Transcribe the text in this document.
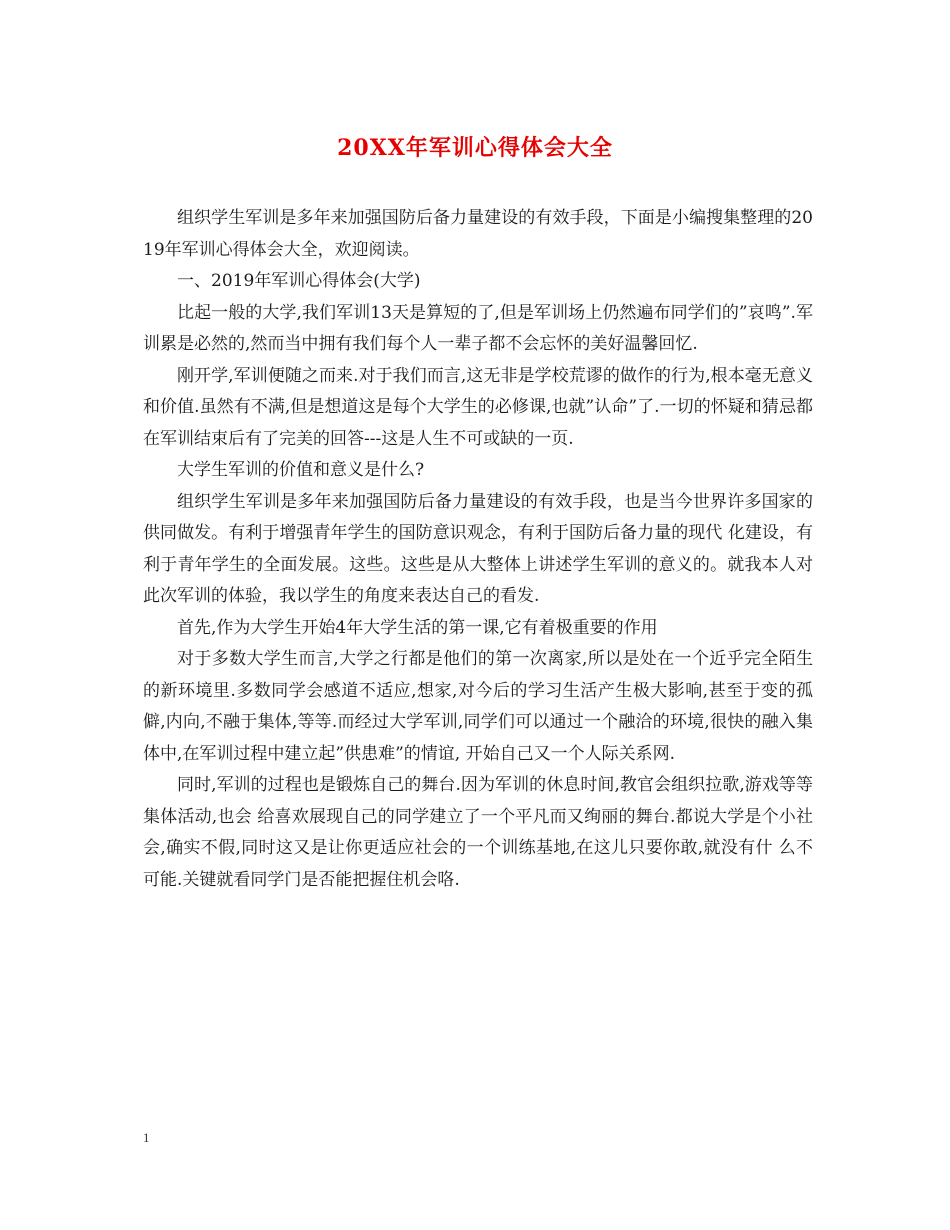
20XX年军训心得体会大全

组织学生军训是多年来加强国防后备力量建设的有效手段，下面是小编搜集整理的2019年军训心得体会大全，欢迎阅读。

一、2019年军训心得体会(大学)

比起一般的大学,我们军训13天是算短的了,但是军训场上仍然遍布同学们的”哀鸣”.军训累是必然的,然而当中拥有我们每个人一辈子都不会忘怀的美好温馨回忆.

刚开学,军训便随之而来.对于我们而言,这无非是学校荒谬的做作的行为,根本毫无意义和价值.虽然有不满,但是想道这是每个大学生的必修课,也就”认命”了.一切的怀疑和猜忌都在军训结束后有了完美的回答---这是人生不可或缺的一页.

大学生军训的价值和意义是什么?

组织学生军训是多年来加强国防后备力量建设的有效手段，也是当今世界许多国家的供同做发。有利于增强青年学生的国防意识观念，有利于国防后备力量的现代 化建设，有利于青年学生的全面发展。这些。这些是从大整体上讲述学生军训的意义的。就我本人对此次军训的体验，我以学生的角度来表达自己的看发.

首先,作为大学生开始4年大学生活的第一课,它有着极重要的作用

对于多数大学生而言,大学之行都是他们的第一次离家,所以是处在一个近乎完全陌生的新环境里.多数同学会感道不适应,想家,对今后的学习生活产生极大影响,甚至于变的孤僻,内向,不融于集体,等等.而经过大学军训,同学们可以通过一个融洽的环境,很快的融入集体中,在军训过程中建立起”供患难”的情谊, 开始自己又一个人际关系网.

同时,军训的过程也是锻炼自己的舞台.因为军训的休息时间,教官会组织拉歌,游戏等等集体活动,也会 给喜欢展现自己的同学建立了一个平凡而又绚丽的舞台.都说大学是个小社会,确实不假,同时这又是让你更适应社会的一个训练基地,在这儿只要你敢,就没有什 么不可能.关键就看同学门是否能把握住机会咯.

1
